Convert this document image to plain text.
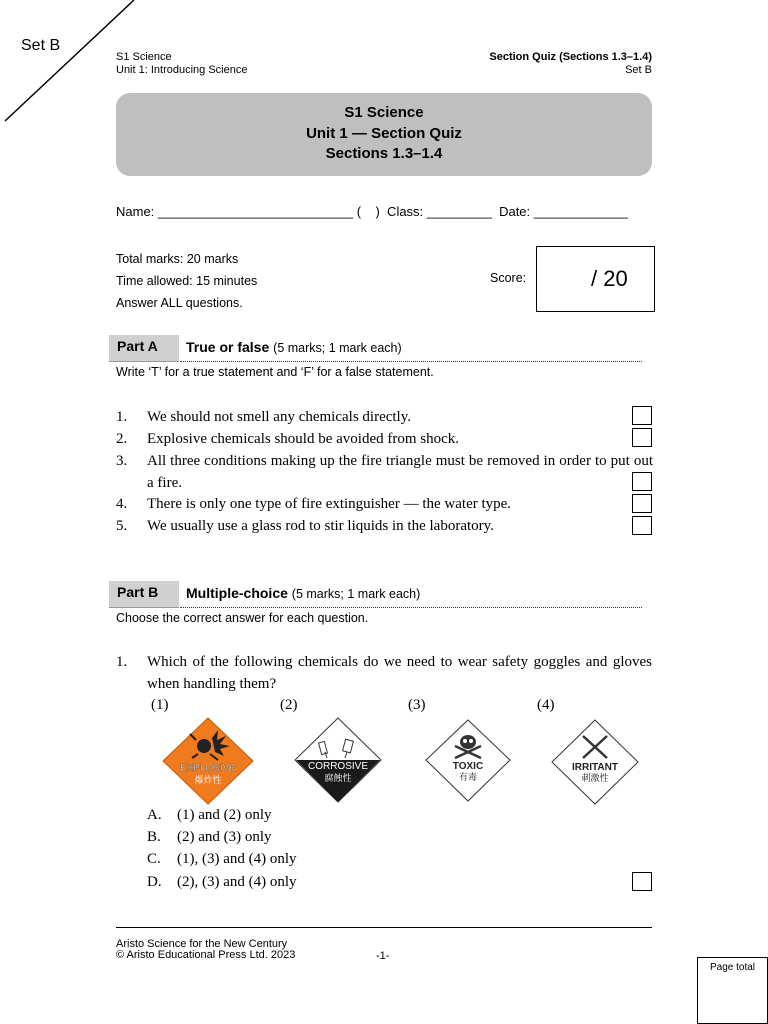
Set B
S1 Science
Unit 1: Introducing Science
Section Quiz (Sections 1.3–1.4)
Set B
S1 Science
Unit 1 — Section Quiz
Sections 1.3–1.4
Name: ___________________________ (    )  Class: _________  Date: _____________
Total marks: 20 marks
Time allowed: 15 minutes
Answer ALL questions.
Score:	/ 20
Part A	True or false (5 marks; 1 mark each)
Write ‘T’ for a true statement and ‘F’ for a false statement.
1. We should not smell any chemicals directly.
2. Explosive chemicals should be avoided from shock.
3. All three conditions making up the fire triangle must be removed in order to put out a fire.
4. There is only one type of fire extinguisher — the water type.
5. We usually use a glass rod to stir liquids in the laboratory.
Part B	Multiple-choice (5 marks; 1 mark each)
Choose the correct answer for each question.
1. Which of the following chemicals do we need to wear safety goggles and gloves when handling them?
(1)	(2)	(3)	(4)
EXPLOSIVE
爆炸性
CORROSIVE
腐蝕性
TOXIC
有毒
IRRITANT
刺激性
A. (1) and (2) only
B. (2) and (3) only
C. (1), (3) and (4) only
D. (2), (3) and (4) only
Aristo Science for the New Century
© Aristo Educational Press Ltd. 2023	-1-
Page total
